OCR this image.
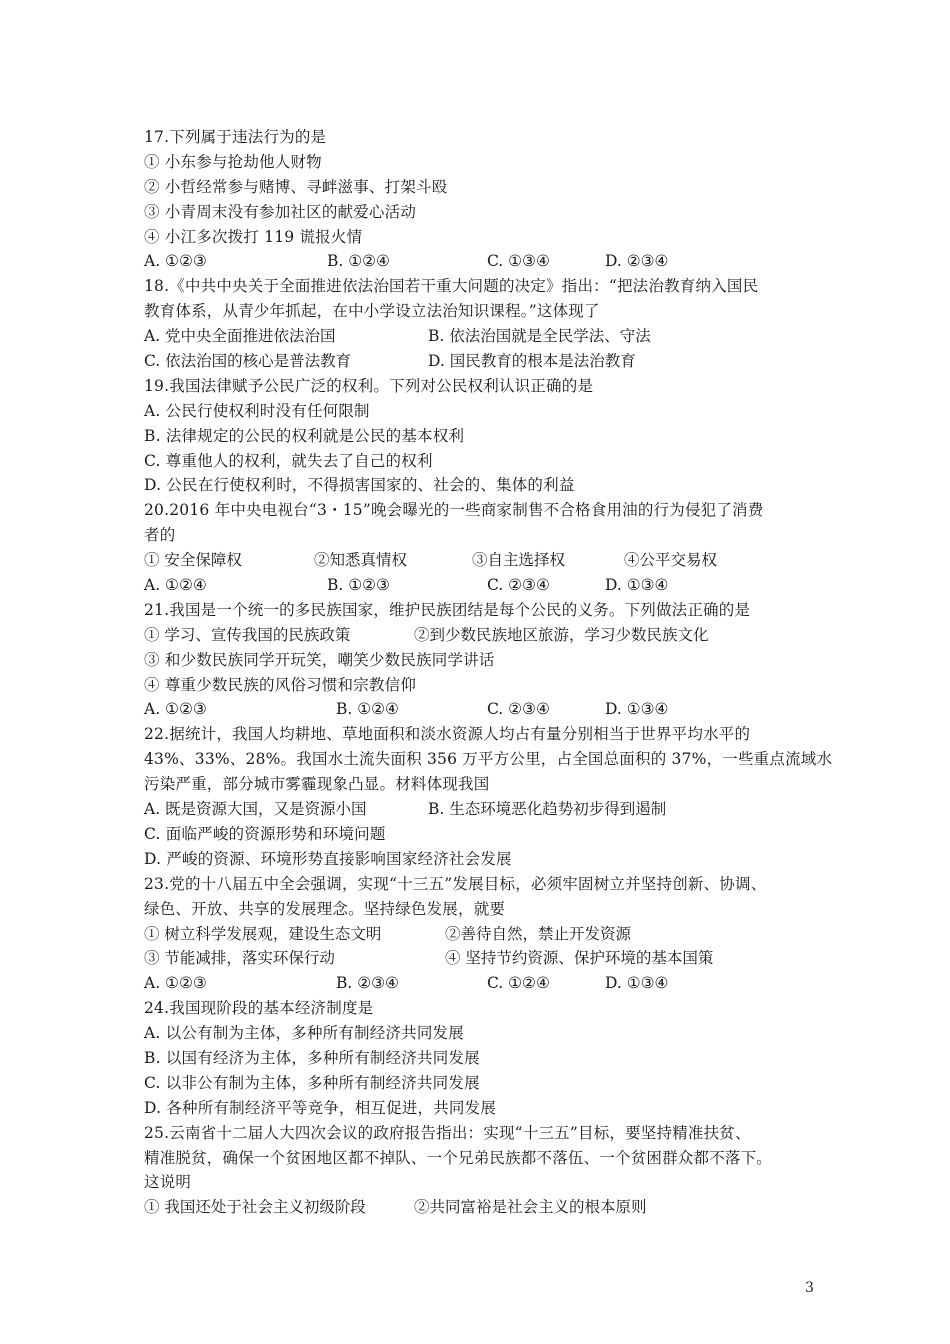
17.下列属于违法行为的是
① 小东参与抢劫他人财物
② 小哲经常参与赌博、寻衅滋事、打架斗殴
③ 小青周末没有参加社区的献爱心活动
④ 小江多次拨打 119 谎报火情
A. ①②③	B. ①②④	C. ①③④	D. ②③④
18.《中共中央关于全面推进依法治国若干重大问题的决定》指出：“把法治教育纳入国民
教育体系，从青少年抓起，在中小学设立法治知识课程。”这体现了
A. 党中央全面推进依法治国	B. 依法治国就是全民学法、守法
C. 依法治国的核心是普法教育	D. 国民教育的根本是法治教育
19.我国法律赋予公民广泛的权利。下列对公民权利认识正确的是
A. 公民行使权利时没有任何限制
B. 法律规定的公民的权利就是公民的基本权利
C. 尊重他人的权利，就失去了自己的权利
D. 公民在行使权利时，不得损害国家的、社会的、集体的利益
20.2016 年中央电视台“3・15”晚会曝光的一些商家制售不合格食用油的行为侵犯了消费
者的
① 安全保障权	②知悉真情权	③自主选择权	④公平交易权
A. ①②④	B. ①②③	C. ②③④	D. ①③④
21.我国是一个统一的多民族国家，维护民族团结是每个公民的义务。下列做法正确的是
① 学习、宣传我国的民族政策	②到少数民族地区旅游，学习少数民族文化
③ 和少数民族同学开玩笑，嘲笑少数民族同学讲话
④ 尊重少数民族的风俗习惯和宗教信仰
A. ①②③	B. ①②④	C. ②③④	D. ①③④
22.据统计，我国人均耕地、草地面积和淡水资源人均占有量分别相当于世界平均水平的
43%、33%、28%。我国水土流失面积 356 万平方公里，占全国总面积的 37%，一些重点流域水
污染严重，部分城市雾霾现象凸显。材料体现我国
A. 既是资源大国，又是资源小国	B. 生态环境恶化趋势初步得到遏制
C. 面临严峻的资源形势和环境问题
D. 严峻的资源、环境形势直接影响国家经济社会发展
23.党的十八届五中全会强调，实现“十三五”发展目标，必须牢固树立并坚持创新、协调、
绿色、开放、共享的发展理念。坚持绿色发展，就要
① 树立科学发展观，建设生态文明	②善待自然，禁止开发资源
③ 节能减排，落实环保行动	④ 坚持节约资源、保护环境的基本国策
A. ①②③	B. ②③④	C. ①②④	D. ①③④
24.我国现阶段的基本经济制度是
A. 以公有制为主体，多种所有制经济共同发展
B. 以国有经济为主体，多种所有制经济共同发展
C. 以非公有制为主体，多种所有制经济共同发展
D. 各种所有制经济平等竞争，相互促进，共同发展
25.云南省十二届人大四次会议的政府报告指出：实现“十三五”目标，要坚持精准扶贫、
精准脱贫，确保一个贫困地区都不掉队、一个兄弟民族都不落伍、一个贫困群众都不落下。
这说明
① 我国还处于社会主义初级阶段	②共同富裕是社会主义的根本原则
3
